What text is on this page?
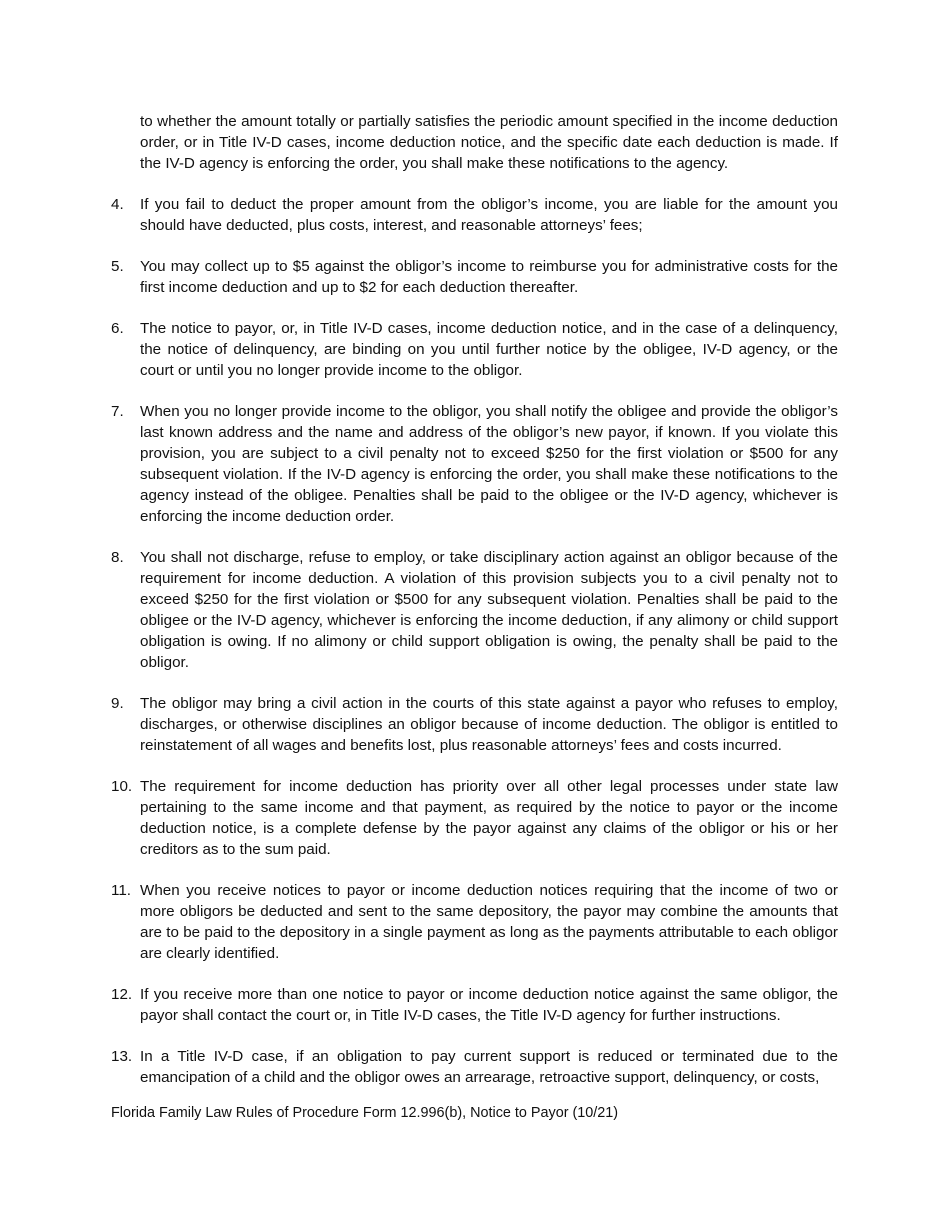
to whether the amount totally or partially satisfies the periodic amount specified in the income deduction order, or in Title IV-D cases, income deduction notice, and the specific date each deduction is made. If the IV-D agency is enforcing the order, you shall make these notifications to the agency.

4.	If you fail to deduct the proper amount from the obligor’s income, you are liable for the amount you should have deducted, plus costs, interest, and reasonable attorneys’ fees;
5.	You may collect up to $5 against the obligor’s income to reimburse you for administrative costs for the first income deduction and up to $2 for each deduction thereafter.
6.	The notice to payor, or, in Title IV-D cases, income deduction notice, and in the case of a delinquency, the notice of delinquency, are binding on you until further notice by the obligee, IV-D agency, or the court or until you no longer provide income to the obligor.
7.	When you no longer provide income to the obligor, you shall notify the obligee and provide the obligor’s last known address and the name and address of the obligor’s new payor, if known. If you violate this provision, you are subject to a civil penalty not to exceed $250 for the first violation or $500 for any subsequent violation. If the IV-D agency is enforcing the order, you shall make these notifications to the agency instead of the obligee. Penalties shall be paid to the obligee or the IV-D agency, whichever is enforcing the income deduction order.
8.	You shall not discharge, refuse to employ, or take disciplinary action against an obligor because of the requirement for income deduction. A violation of this provision subjects you to a civil penalty not to exceed $250 for the first violation or $500 for any subsequent violation. Penalties shall be paid to the obligee or the IV-D agency, whichever is enforcing the income deduction, if any alimony or child support obligation is owing. If no alimony or child support obligation is owing, the penalty shall be paid to the obligor.
9.	The obligor may bring a civil action in the courts of this state against a payor who refuses to employ, discharges, or otherwise disciplines an obligor because of income deduction. The obligor is entitled to reinstatement of all wages and benefits lost, plus reasonable attorneys’ fees and costs incurred.
10. The requirement for income deduction has priority over all other legal processes under state law pertaining to the same income and that payment, as required by the notice to payor or the income deduction notice, is a complete defense by the payor against any claims of the obligor or his or her creditors as to the sum paid.
11. When you receive notices to payor or income deduction notices requiring that the income of two or more obligors be deducted and sent to the same depository, the payor may combine the amounts that are to be paid to the depository in a single payment as long as the payments attributable to each obligor are clearly identified.
12. If you receive more than one notice to payor or income deduction notice against the same obligor, the payor shall contact the court or, in Title IV-D cases, the Title IV-D agency for further instructions.
13. In a Title IV-D case, if an obligation to pay current support is reduced or terminated due to the emancipation of a child and the obligor owes an arrearage, retroactive support, delinquency, or costs,
Florida Family Law Rules of Procedure Form 12.996(b), Notice to Payor (10/21)
